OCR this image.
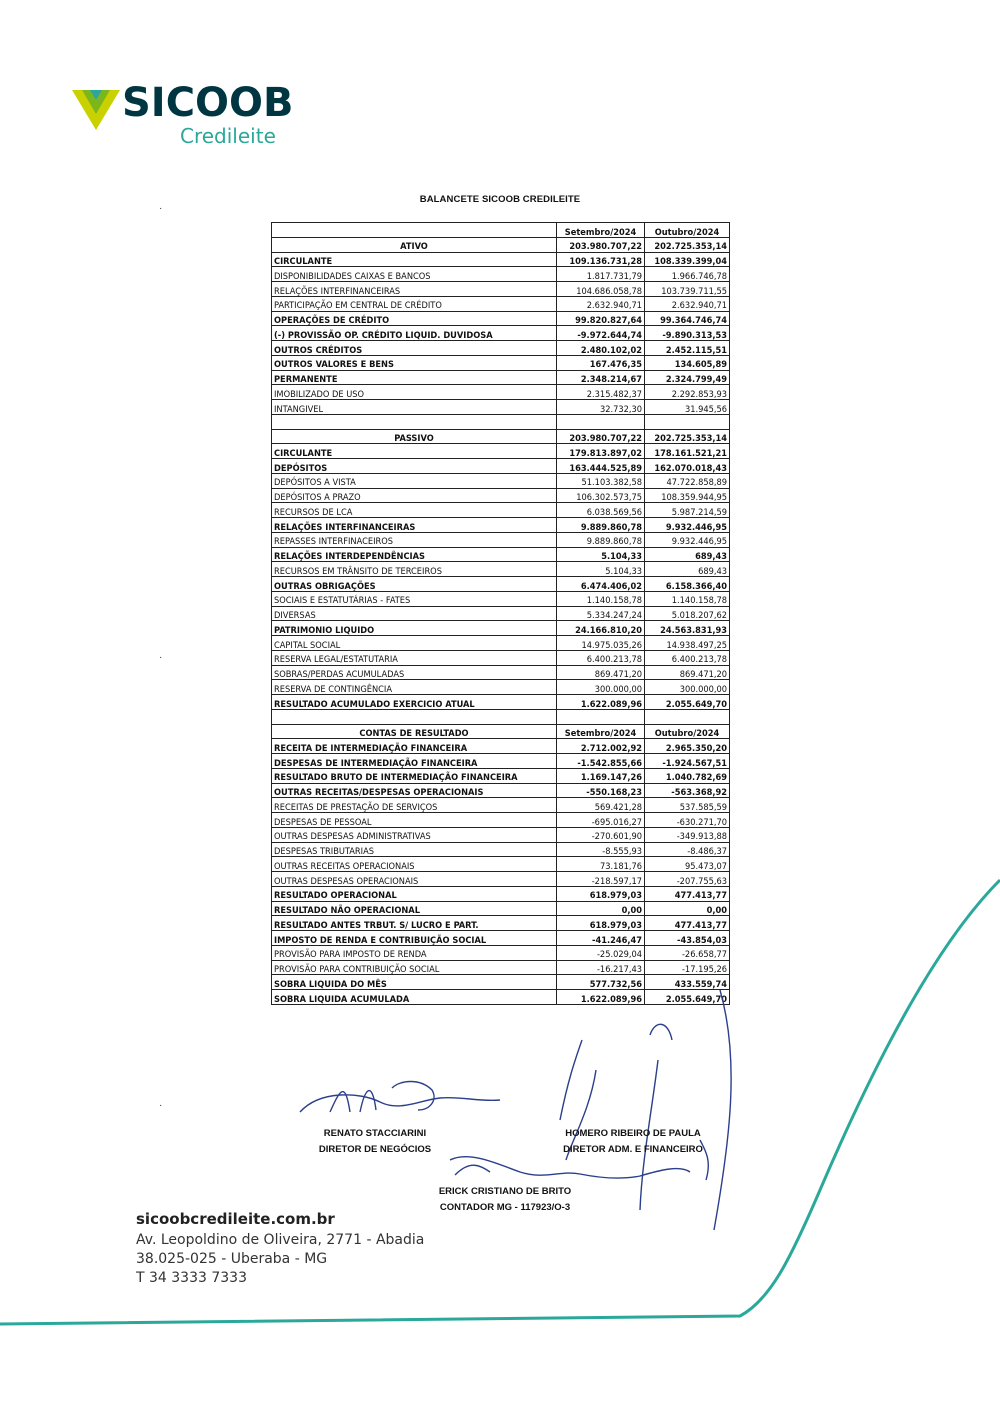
SICOOB
Credileite
·
·
·
BALANCETE SICOOB CREDILEITE
	Setembro/2024	Outubro/2024
ATIVO	203.980.707,22	202.725.353,14
CIRCULANTE	109.136.731,28	108.339.399,04
DISPONIBILIDADES CAIXAS E BANCOS	1.817.731,79	1.966.746,78
RELAÇÕES INTERFINANCEIRAS	104.686.058,78	103.739.711,55
PARTICIPAÇÃO EM CENTRAL DE CRÉDITO	2.632.940,71	2.632.940,71
OPERAÇÕES DE CRÉDITO	99.820.827,64	99.364.746,74
(-) PROVISSÃO OP. CRÉDITO LIQUID. DUVIDOSA	-9.972.644,74	-9.890.313,53
OUTROS CRÉDITOS	2.480.102,02	2.452.115,51
OUTROS VALORES E BENS	167.476,35	134.605,89
PERMANENTE	2.348.214,67	2.324.799,49
IMOBILIZADO DE USO	2.315.482,37	2.292.853,93
INTANGIVEL	32.732,30	31.945,56

PASSIVO	203.980.707,22	202.725.353,14
CIRCULANTE	179.813.897,02	178.161.521,21
DEPÓSITOS	163.444.525,89	162.070.018,43
DEPÓSITOS A VISTA	51.103.382,58	47.722.858,89
DEPÓSITOS A PRAZO	106.302.573,75	108.359.944,95
RECURSOS DE LCA	6.038.569,56	5.987.214,59
RELAÇÕES INTERFINANCEIRAS	9.889.860,78	9.932.446,95
REPASSES INTERFINACEIROS	9.889.860,78	9.932.446,95
RELAÇÕES INTERDEPENDÊNCIAS	5.104,33	689,43
RECURSOS EM TRÂNSITO DE TERCEIROS	5.104,33	689,43
OUTRAS OBRIGAÇÕES	6.474.406,02	6.158.366,40
SOCIAIS E ESTATUTÁRIAS - FATES	1.140.158,78	1.140.158,78
DIVERSAS	5.334.247,24	5.018.207,62
PATRIMONIO LIQUIDO	24.166.810,20	24.563.831,93
CAPITAL SOCIAL	14.975.035,26	14.938.497,25
RESERVA LEGAL/ESTATUTARIA	6.400.213,78	6.400.213,78
SOBRAS/PERDAS ACUMULADAS	869.471,20	869.471,20
RESERVA DE CONTINGÊNCIA	300.000,00	300.000,00
RESULTADO ACUMULADO EXERCICIO ATUAL	1.622.089,96	2.055.649,70

CONTAS DE RESULTADO	Setembro/2024	Outubro/2024
RECEITA DE INTERMEDIAÇÃO FINANCEIRA	2.712.002,92	2.965.350,20
DESPESAS DE INTERMEDIAÇÃO FINANCEIRA	-1.542.855,66	-1.924.567,51
RESULTADO BRUTO DE INTERMEDIAÇÃO FINANCEIRA	1.169.147,26	1.040.782,69
OUTRAS RECEITAS/DESPESAS OPERACIONAIS	-550.168,23	-563.368,92
RECEITAS DE PRESTAÇÃO DE SERVIÇOS	569.421,28	537.585,59
DESPESAS DE PESSOAL	-695.016,27	-630.271,70
OUTRAS DESPESAS ADMINISTRATIVAS	-270.601,90	-349.913,88
DESPESAS TRIBUTARIAS	-8.555,93	-8.486,37
OUTRAS RECEITAS OPERACIONAIS	73.181,76	95.473,07
OUTRAS DESPESAS OPERACIONAIS	-218.597,17	-207.755,63
RESULTADO OPERACIONAL	618.979,03	477.413,77
RESULTADO NÃO OPERACIONAL	0,00	0,00
RESULTADO ANTES TRBUT. S/ LUCRO E PART.	618.979,03	477.413,77
IMPOSTO DE RENDA E CONTRIBUIÇÃO SOCIAL	-41.246,47	-43.854,03
PROVISÃO PARA IMPOSTO DE RENDA	-25.029,04	-26.658,77
PROVISÃO PARA CONTRIBUIÇÃO SOCIAL	-16.217,43	-17.195,26
SOBRA LIQUIDA DO MÊS	577.732,56	433.559,74
SOBRA LIQUIDA ACUMULADA	1.622.089,96	2.055.649,70
RENATO STACCIARINI
DIRETOR DE NEGÓCIOS
HOMERO RIBEIRO DE PAULA
DIRETOR ADM. E FINANCEIRO
ERICK CRISTIANO DE BRITO
CONTADOR MG - 117923/O-3
sicoobcredileite.com.br
Av. Leopoldino de Oliveira, 2771 - Abadia
38.025-025 - Uberaba - MG
T 34 3333 7333
